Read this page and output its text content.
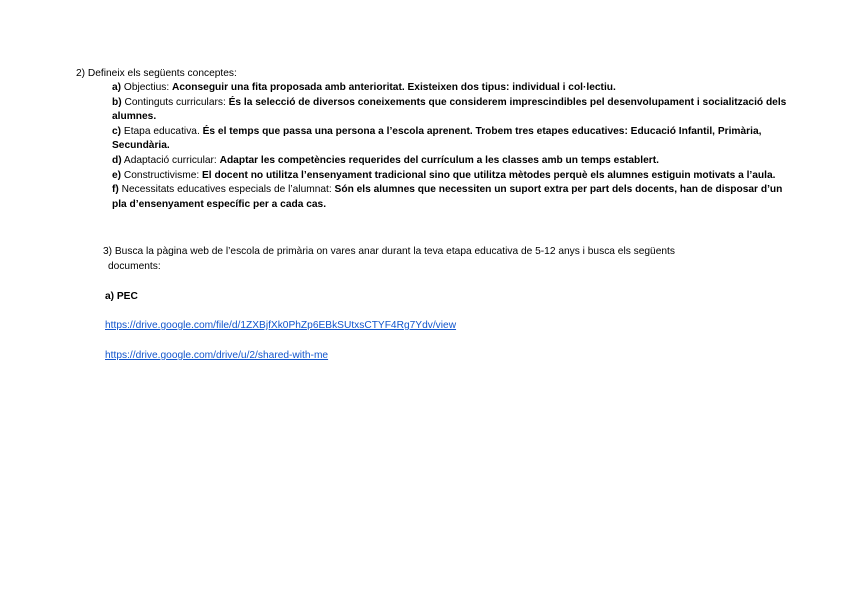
2) Defineix els següents conceptes:
a) Objectius: Aconseguir una fita proposada amb anterioritat. Existeixen dos tipus: individual i col·lectiu.
b) Continguts curriculars: És la selecció de diversos coneixements que considerem imprescindibles pel desenvolupament i socialització dels alumnes.
c) Etapa educativa. És el temps que passa una persona a l’escola aprenent. Trobem tres etapes educatives: Educació Infantil, Primària, Secundària.
d) Adaptació curricular: Adaptar les competències requerides del currículum a les classes amb un temps establert.
e) Constructivisme: El docent no utilitza l’ensenyament tradicional sino que utilitza mètodes perquè els alumnes estiguin motivats a l’aula.
f) Necessitats educatives especials de l’alumnat: Són els alumnes que necessiten un suport extra per part dels docents, han de disposar d’un pla d’ensenyament específic per a cada cas.
3) Busca la pàgina web de l’escola de primària on vares anar durant la teva etapa educativa de 5-12 anys i busca els següents
documents:
a) PEC
https://drive.google.com/file/d/1ZXBjfXk0PhZp6EBkSUtxsCTYF4Rg7Ydv/view
https://drive.google.com/drive/u/2/shared-with-me
